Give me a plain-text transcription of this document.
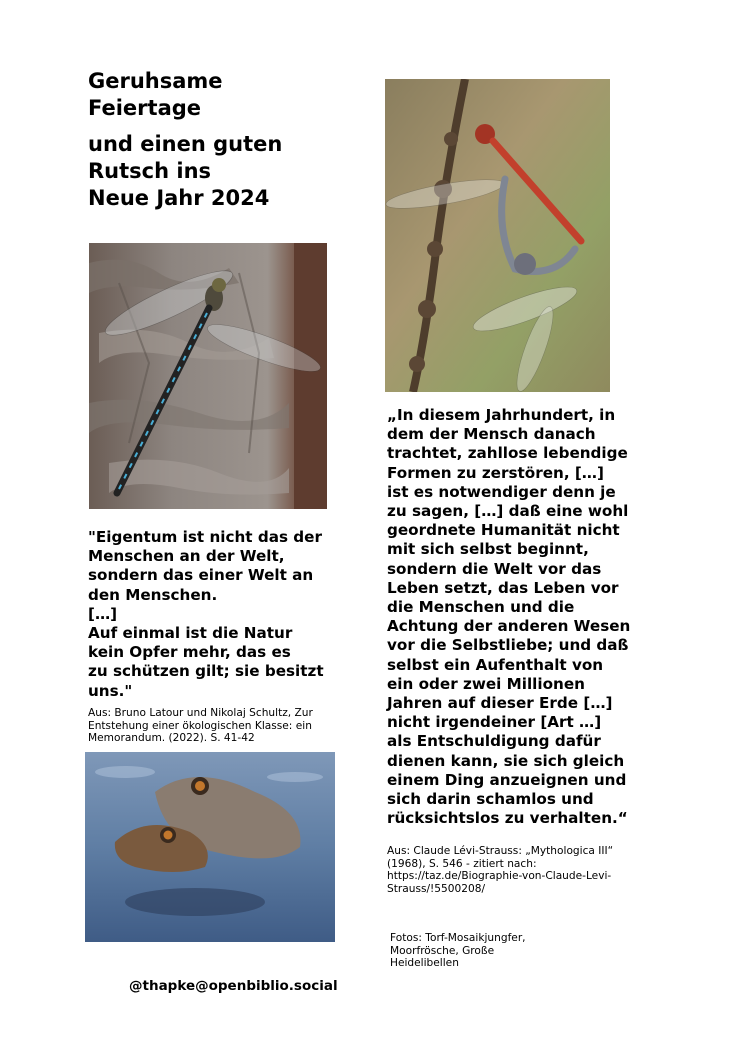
Geruhsame
Feiertage
und einen guten
Rutsch ins
Neue Jahr 2024
„In diesem Jahrhundert, in
dem der Mensch danach
trachtet, zahllose lebendige
Formen zu zerstören, […]
ist es notwendiger denn je
zu sagen, […] daß eine wohl
geordnete Humanität nicht
mit sich selbst beginnt,
sondern die Welt vor das
Leben setzt, das Leben vor
die Menschen und die
Achtung der anderen Wesen
vor die Selbstliebe; und daß
selbst ein Aufenthalt von
ein oder zwei Millionen
Jahren auf dieser Erde […]
nicht irgendeiner [Art …]
als Entschuldigung dafür
dienen kann, sie sich gleich
einem Ding anzueignen und
sich darin schamlos und
rücksichtslos zu verhalten.“
Aus: Claude Lévi-Strauss: „Mythologica III“
(1968), S. 546 - zitiert nach:
https://taz.de/Biographie-von-Claude-Levi-
Strauss/!5500208/
"Eigentum ist nicht das der
Menschen an der Welt,
sondern das einer Welt an
den Menschen.
[…]
Auf einmal ist die Natur
kein Opfer mehr, das es
zu schützen gilt; sie besitzt
uns."
Aus: Bruno Latour und Nikolaj Schultz, Zur
Entstehung einer ökologischen Klasse: ein
Memorandum. (2022). S. 41-42
Fotos: Torf-Mosaikjungfer,
Moorfrösche, Große
Heidelibellen
@thapke@openbiblio.social
